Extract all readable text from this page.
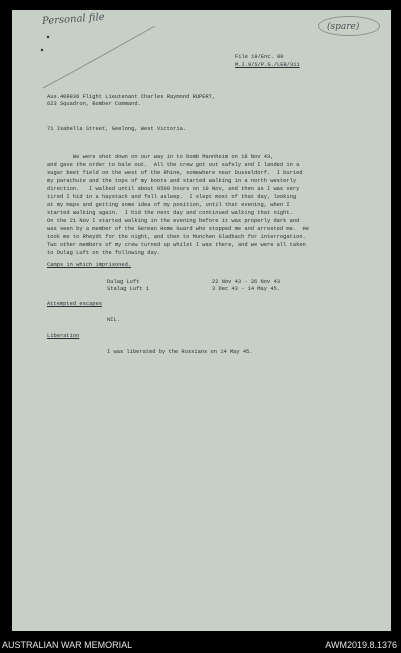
Personal file	(spare)
File 19/Enc. 80
M.I.9/S/P.G./LEB/311
Aus.409836 Flight Lieutenant Charles Raymond RUPERT,
623 Squadron, Bomber Command.
71 Isabella Street, Geelong, West Victoria.
We were shot down on our way in to bomb Mannheim on 18 Nov 43,
and gave the order to bale out.  All the crew got out safely and I landed in a
sugar beet field on the west of the Rhine, somewhere near Dusseldorf.  I buried
my parachute and the tops of my boots and started walking in a north westerly
direction.   I walked until about 0500 hours on 19 Nov, and then as I was very
tired I hid in a haystack and fell asleep.  I slept most of that day, looking
at my maps and getting some idea of my position, until that evening, when I
started walking again.  I hid the next day and continued walking that night.
On the 21 Nov I started walking in the evening before it was properly dark and
was seen by a member of the German Home Guard who stopped me and arrested me.  He
took me to Rheydt for the night, and then to Munchen Gladbach for interrogation.
Two other members of my crew turned up whilst I was there, and we were all taken
to Dulag Luft on the following day.
Camps in which imprisoned.
Dulag Luft	22 Nov 43 - 26 Nov 43
Stalag Luft 1	3 Dec 43 - 14 May 45.
Attempted escapes
NIL.
Liberation
I was liberated by the Russians on 14 May 45.
AUSTRALIAN WAR MEMORIAL	AWM2019.8.1376
